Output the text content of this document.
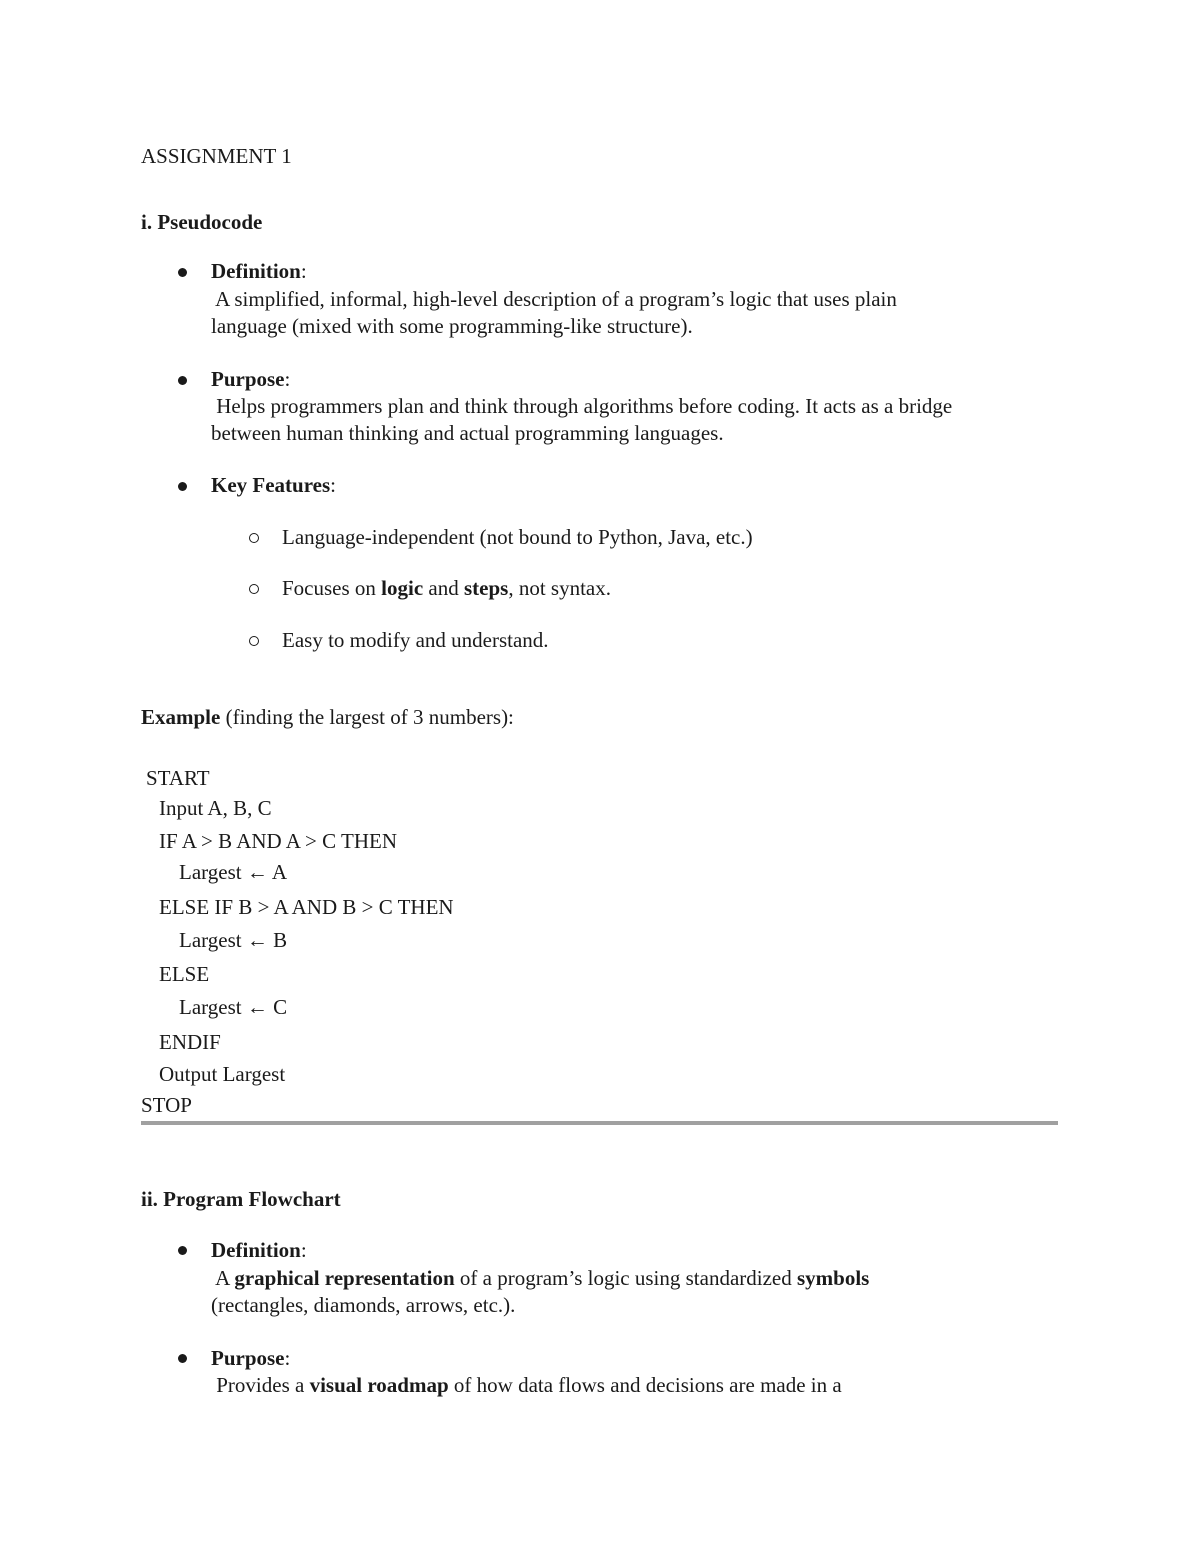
ASSIGNMENT 1
i. Pseudocode
Definition:
A simplified, informal, high-level description of a program’s logic that uses plain
language (mixed with some programming-like structure).
Purpose:
Helps programmers plan and think through algorithms before coding. It acts as a bridge
between human thinking and actual programming languages.
Key Features:
Language-independent (not bound to Python, Java, etc.)
Focuses on logic and steps, not syntax.
Easy to modify and understand.
Example (finding the largest of 3 numbers):
START
Input A, B, C
IF A > B AND A > C THEN
Largest ← A
ELSE IF B > A AND B > C THEN
Largest ← B
ELSE
Largest ← C
ENDIF
Output Largest
STOP
ii. Program Flowchart
Definition:
A graphical representation of a program’s logic using standardized symbols
(rectangles, diamonds, arrows, etc.).
Purpose:
Provides a visual roadmap of how data flows and decisions are made in a
